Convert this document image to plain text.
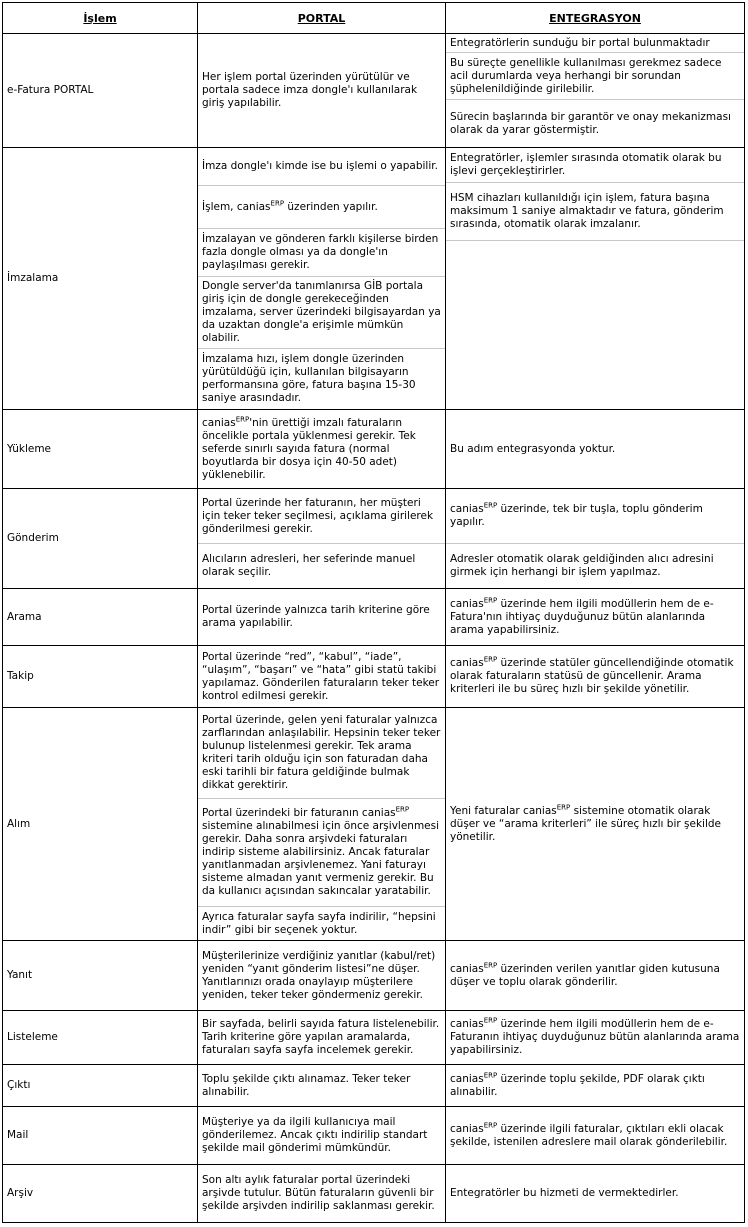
İşlem	PORTAL	ENTEGRASYON
e-Fatura PORTAL
Her işlem portal üzerinden yürütülür ve portala sadece imza dongle'ı kullanılarak giriş yapılabilir.
Entegratörlerin sunduğu bir portal bulunmaktadır
Bu süreçte genellikle kullanılması gerekmez sadece acil durumlarda veya herhangi bir sorundan şüphelenildiğinde girilebilir.
Sürecin başlarında bir garantör ve onay mekanizması olarak da yarar göstermiştir.
İmzalama
İmza dongle'ı kimde ise bu işlemi o yapabilir.
İşlem, canias$^{ERP}$ üzerinden yapılır.
İmzalayan ve gönderen farklı kişilerse birden fazla dongle olması ya da dongle'ın paylaşılması gerekir.
Dongle server'da tanımlanırsa GİB portala giriş için de dongle gerekeceğinden imzalama, server üzerindeki bilgisayardan ya da uzaktan dongle'a erişimle mümkün olabilir.
İmzalama hızı, işlem dongle üzerinden yürütüldüğü için, kullanılan bilgisayarın performansına göre, fatura başına 15-30 saniye arasındadır.
Entegratörler, işlemler sırasında otomatik olarak bu işlevi gerçekleştirirler.
HSM cihazları kullanıldığı için işlem, fatura başına maksimum 1 saniye almaktadır ve fatura, gönderim sırasında, otomatik olarak imzalanır.
Yükleme
canias$^{ERP}$'nin ürettiği imzalı faturaların öncelikle portala yüklenmesi gerekir. Tek seferde sınırlı sayıda fatura (normal boyutlarda bir dosya için 40-50 adet) yüklenebilir.
Bu adım entegrasyonda yoktur.
Gönderim
Portal üzerinde her faturanın, her müşteri için teker teker seçilmesi, açıklama girilerek gönderilmesi gerekir.
Alıcıların adresleri, her seferinde manuel olarak seçilir.
canias$^{ERP}$ üzerinde, tek bir tuşla, toplu gönderim yapılır.
Adresler otomatik olarak geldiğinden alıcı adresini girmek için herhangi bir işlem yapılmaz.
Arama
Portal üzerinde yalnızca tarih kriterine göre arama yapılabilir.
canias$^{ERP}$ üzerinde hem ilgili modüllerin hem de e-Fatura'nın ihtiyaç duyduğunuz bütün alanlarında arama yapabilirsiniz.
Takip
Portal üzerinde “red”, “kabul”, “iade”, “ulaşım”, “başarı” ve “hata” gibi statü takibi yapılamaz. Gönderilen faturaların teker teker kontrol edilmesi gerekir.
canias$^{ERP}$ üzerinde statüler güncellendiğinde otomatik olarak faturaların statüsü de güncellenir. Arama kriterleri ile bu süreç hızlı bir şekilde yönetilir.
Alım
Portal üzerinde, gelen yeni faturalar yalnızca zarflarından anlaşılabilir. Hepsinin teker teker bulunup listelenmesi gerekir. Tek arama kriteri tarih olduğu için son faturadan daha eski tarihli bir fatura geldiğinde bulmak dikkat gerektirir.
Portal üzerindeki bir faturanın canias$^{ERP}$ sistemine alınabilmesi için önce arşivlenmesi gerekir. Daha sonra arşivdeki faturaları indirip sisteme alabilirsiniz. Ancak faturalar yanıtlanmadan arşivlenemez. Yani faturayı sisteme almadan yanıt vermeniz gerekir. Bu da kullanıcı açısından sakıncalar yaratabilir.
Ayrıca faturalar sayfa sayfa indirilir, “hepsini indir” gibi bir seçenek yoktur.
Yeni faturalar canias$^{ERP}$ sistemine otomatik olarak düşer ve “arama kriterleri” ile süreç hızlı bir şekilde yönetilir.
Yanıt
Müşterilerinize verdiğiniz yanıtlar (kabul/ret) yeniden “yanıt gönderim listesi”ne düşer. Yanıtlarınızı orada onaylayıp müşterilere yeniden, teker teker göndermeniz gerekir.
canias$^{ERP}$ üzerinden verilen yanıtlar giden kutusuna düşer ve toplu olarak gönderilir.
Listeleme
Bir sayfada, belirli sayıda fatura listelenebilir. Tarih kriterine göre yapılan aramalarda, faturaları sayfa sayfa incelemek gerekir.
canias$^{ERP}$ üzerinde hem ilgili modüllerin hem de e-Faturanın ihtiyaç duyduğunuz bütün alanlarında arama yapabilirsiniz.
Çıktı
Toplu şekilde çıktı alınamaz. Teker teker alınabilir.
canias$^{ERP}$ üzerinde toplu şekilde, PDF olarak çıktı alınabilir.
Mail
Müşteriye ya da ilgili kullanıcıya mail gönderilemez. Ancak çıktı indirilip standart şekilde mail gönderimi mümkündür.
canias$^{ERP}$ üzerinde ilgili faturalar, çıktıları ekli olacak şekilde, istenilen adreslere mail olarak gönderilebilir.
Arşiv
Son altı aylık faturalar portal üzerindeki arşivde tutulur. Bütün faturaların güvenli bir şekilde arşivden indirilip saklanması gerekir.
Entegratörler bu hizmeti de vermektedirler.
